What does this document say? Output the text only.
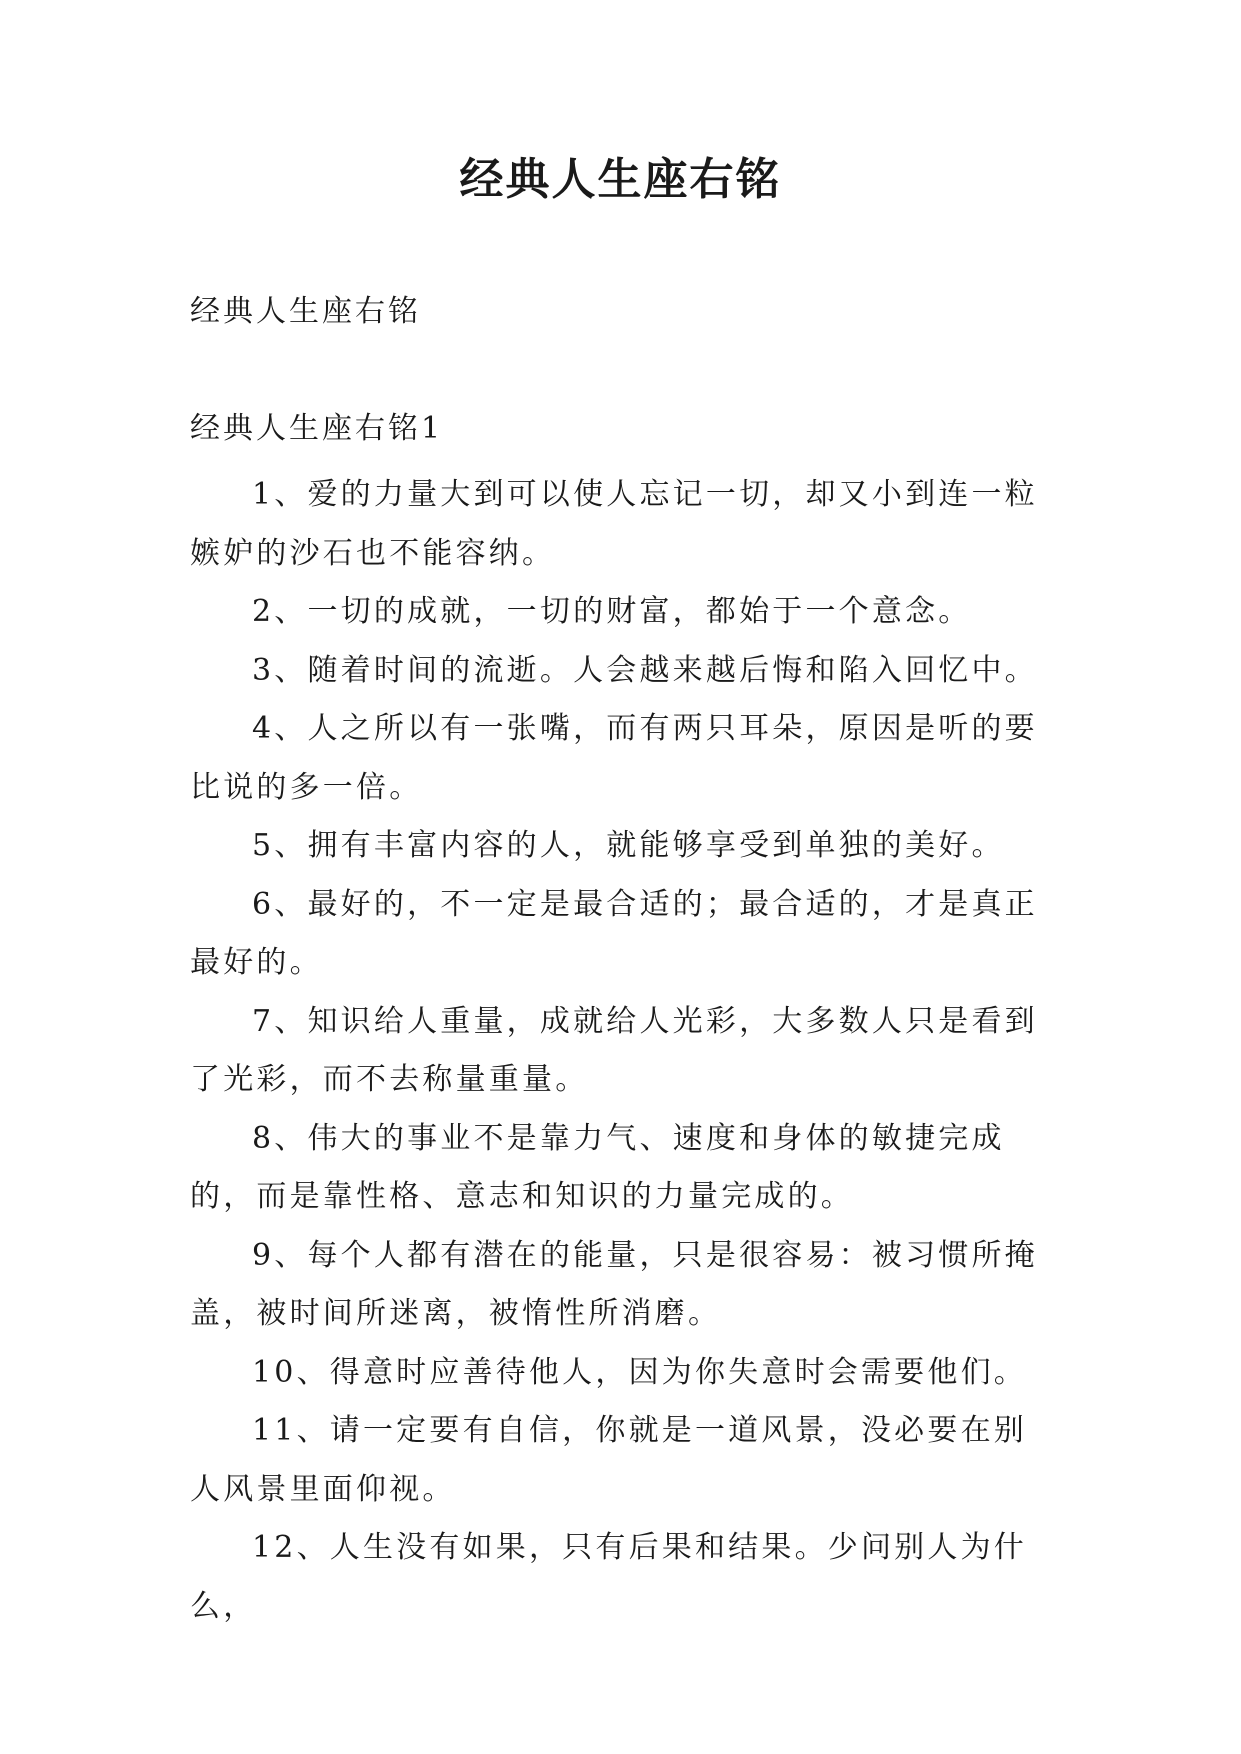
经典人生座右铭

经典人生座右铭

经典人生座右铭1

1、爱的力量大到可以使人忘记一切，却又小到连一粒嫉妒的沙石也不能容纳。

2、一切的成就，一切的财富，都始于一个意念。

3、随着时间的流逝。人会越来越后悔和陷入回忆中。

4、人之所以有一张嘴，而有两只耳朵，原因是听的要比说的多一倍。

5、拥有丰富内容的人，就能够享受到单独的美好。

6、最好的，不一定是最合适的；最合适的，才是真正最好的。

7、知识给人重量，成就给人光彩，大多数人只是看到了光彩，而不去称量重量。

8、伟大的事业不是靠力气、速度和身体的敏捷完成的，而是靠性格、意志和知识的力量完成的。

9、每个人都有潜在的能量，只是很容易：被习惯所掩盖，被时间所迷离，被惰性所消磨。

10、得意时应善待他人，因为你失意时会需要他们。

11、请一定要有自信，你就是一道风景，没必要在别人风景里面仰视。

12、人生没有如果，只有后果和结果。少问别人为什么，
